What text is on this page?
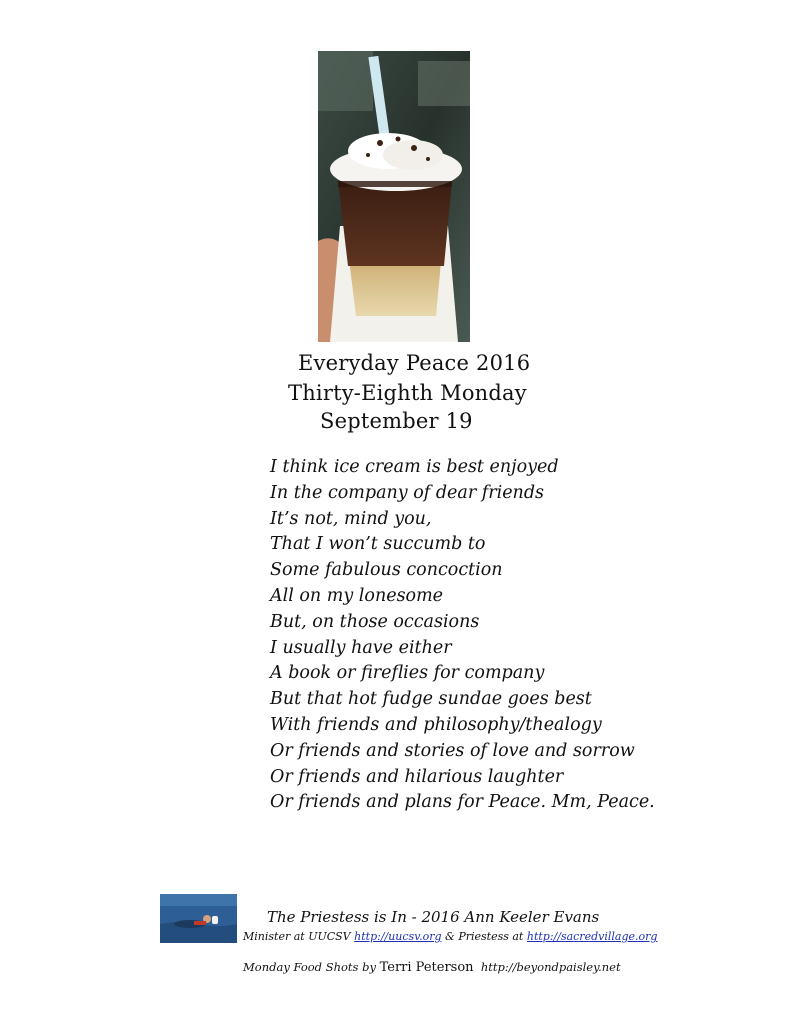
Everyday Peace 2016
Thirty-Eighth Monday
September 19
I think ice cream is best enjoyed
In the company of dear friends
It’s not, mind you,
That I won’t succumb to
Some fabulous concoction
All on my lonesome
But, on those occasions
I usually have either
A book or fireflies for company
But that hot fudge sundae goes best
With friends and philosophy/thealogy
Or friends and stories of love and sorrow
Or friends and hilarious laughter
Or friends and plans for Peace. Mm, Peace.
The Priestess is In - 2016 Ann Keeler Evans
Minister at UUCSV http://uucsv.org & Priestess at http://sacredvillage.org
Monday Food Shots by Terri Peterson http://beyondpaisley.net
